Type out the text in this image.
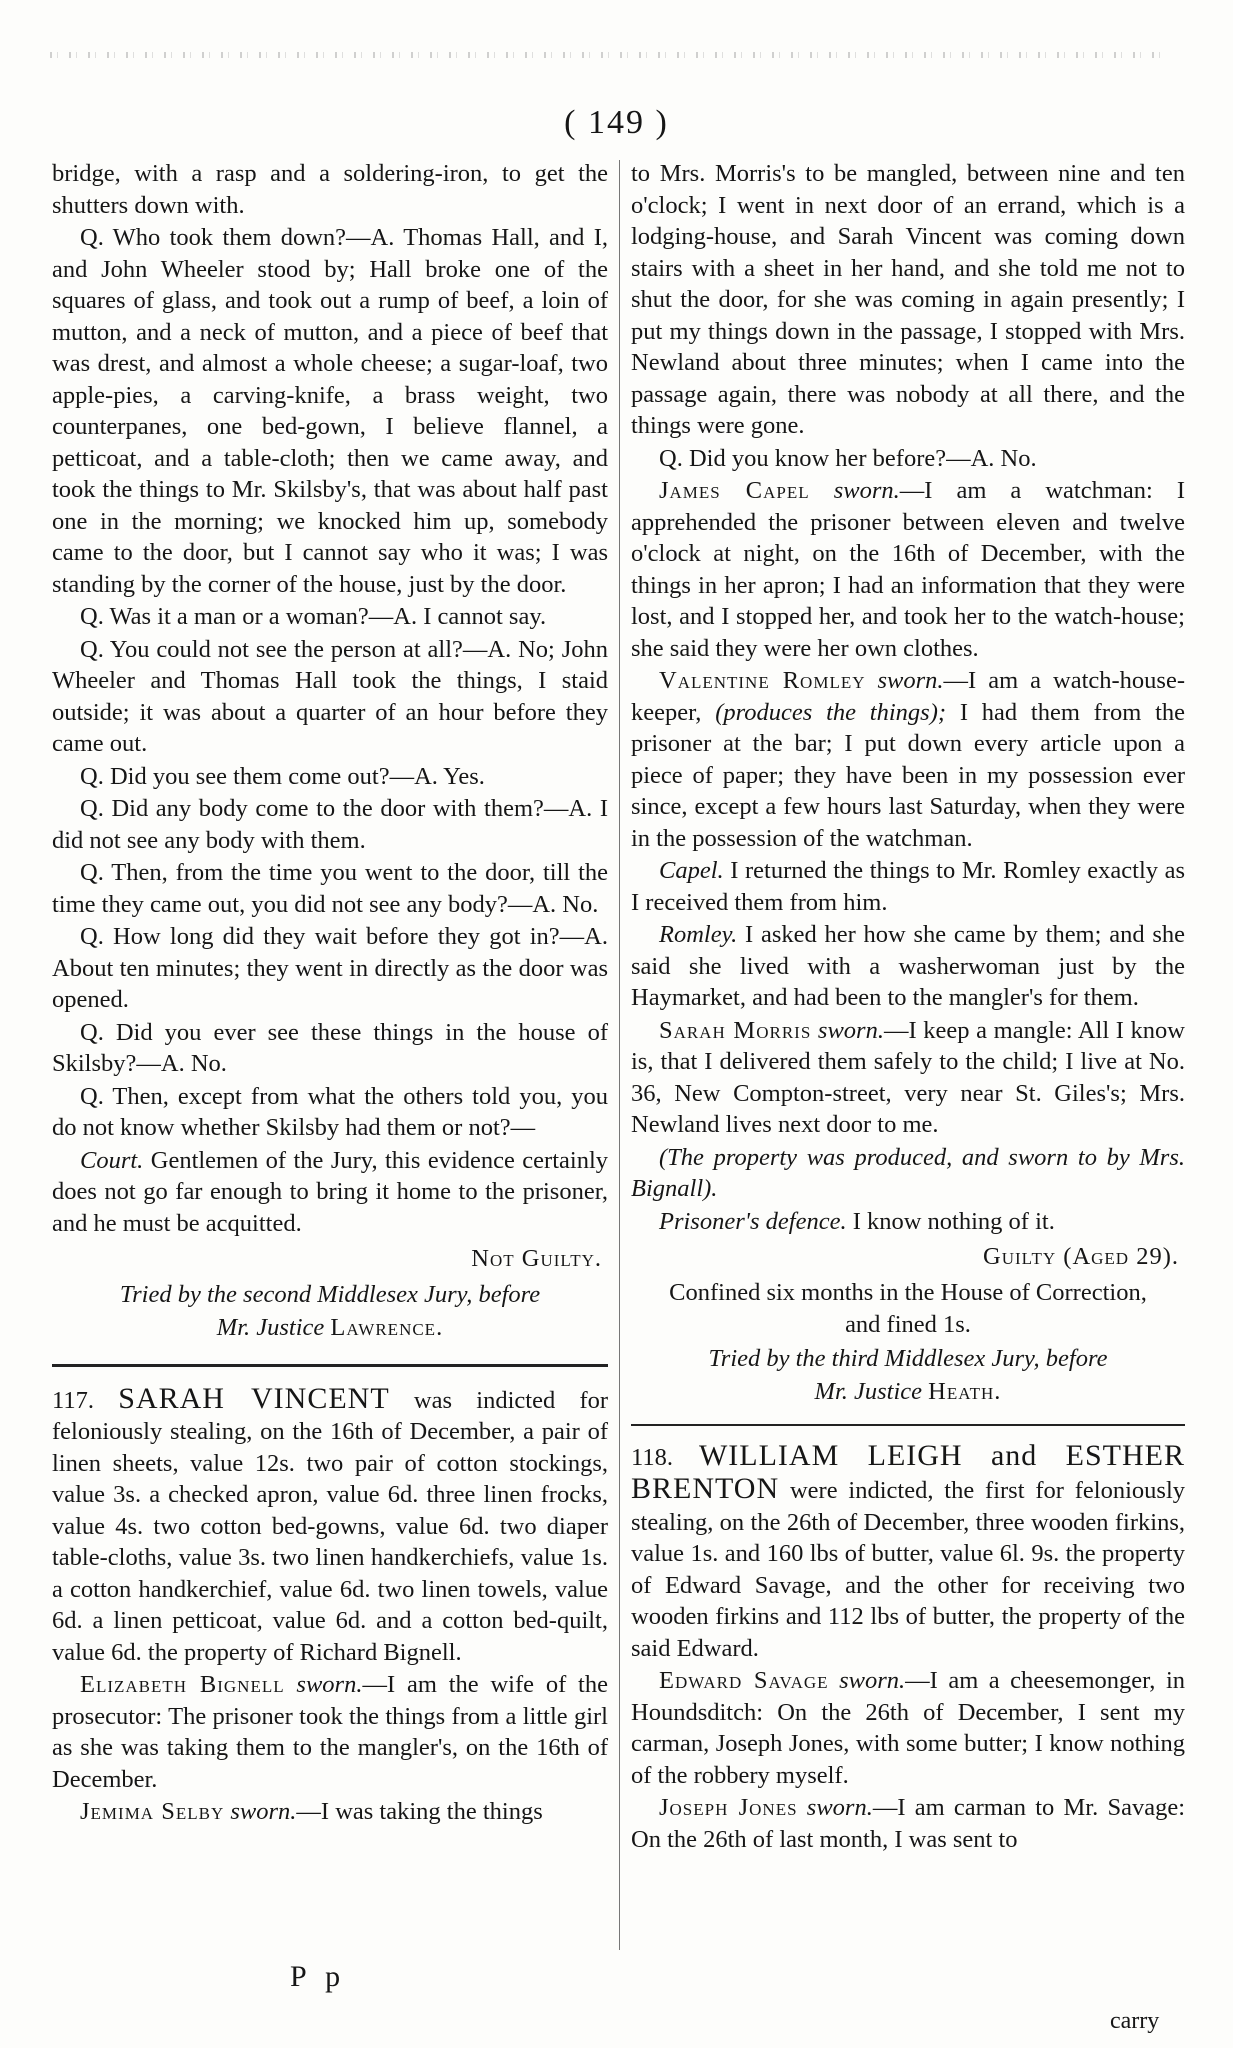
( 149 )

bridge, with a rasp and a soldering-iron, to get the shutters down with.

Q. Who took them down?—A. Thomas Hall, and I, and John Wheeler stood by; Hall broke one of the squares of glass, and took out a rump of beef, a loin of mutton, and a neck of mutton, and a piece of beef that was drest, and almost a whole cheese; a sugar-loaf, two apple-pies, a carving-knife, a brass weight, two counterpanes, one bed-gown, I believe flannel, a petticoat, and a table-cloth; then we came away, and took the things to Mr. Skilsby's, that was about half past one in the morning; we knocked him up, somebody came to the door, but I cannot say who it was; I was standing by the corner of the house, just by the door.

Q. Was it a man or a woman?—A. I cannot say.

Q. You could not see the person at all?—A. No; John Wheeler and Thomas Hall took the things, I staid outside; it was about a quarter of an hour before they came out.

Q. Did you see them come out?—A. Yes.

Q. Did any body come to the door with them?—A. I did not see any body with them.

Q. Then, from the time you went to the door, till the time they came out, you did not see any body?—A. No.

Q. How long did they wait before they got in?—A. About ten minutes; they went in directly as the door was opened.

Q. Did you ever see these things in the house of Skilsby?—A. No.

Q. Then, except from what the others told you, you do not know whether Skilsby had them or not?—

Court. Gentlemen of the Jury, this evidence certainly does not go far enough to bring it home to the prisoner, and he must be acquitted.

Not Guilty.

Tried by the second Middlesex Jury, before

Mr. Justice Lawrence.

117. SARAH VINCENT was indicted for feloniously stealing, on the 16th of December, a pair of linen sheets, value 12s. two pair of cotton stockings, value 3s. a checked apron, value 6d. three linen frocks, value 4s. two cotton bed-gowns, value 6d. two diaper table-cloths, value 3s. two linen handkerchiefs, value 1s. a cotton handkerchief, value 6d. two linen towels, value 6d. a linen petticoat, value 6d. and a cotton bed-quilt, value 6d. the property of Richard Bignell.

Elizabeth Bignell sworn.—I am the wife of the prosecutor: The prisoner took the things from a little girl as she was taking them to the mangler's, on the 16th of December.

Jemima Selby sworn.—I was taking the things

to Mrs. Morris's to be mangled, between nine and ten o'clock; I went in next door of an errand, which is a lodging-house, and Sarah Vincent was coming down stairs with a sheet in her hand, and she told me not to shut the door, for she was coming in again presently; I put my things down in the passage, I stopped with Mrs. Newland about three minutes; when I came into the passage again, there was nobody at all there, and the things were gone.

Q. Did you know her before?—A. No.

James Capel sworn.—I am a watchman: I apprehended the prisoner between eleven and twelve o'clock at night, on the 16th of December, with the things in her apron; I had an information that they were lost, and I stopped her, and took her to the watch-house; she said they were her own clothes.

Valentine Romley sworn.—I am a watch-house-keeper, (produces the things); I had them from the prisoner at the bar; I put down every article upon a piece of paper; they have been in my possession ever since, except a few hours last Saturday, when they were in the possession of the watchman.

Capel. I returned the things to Mr. Romley exactly as I received them from him.

Romley. I asked her how she came by them; and she said she lived with a washerwoman just by the Haymarket, and had been to the mangler's for them.

Sarah Morris sworn.—I keep a mangle: All I know is, that I delivered them safely to the child; I live at No. 36, New Compton-street, very near St. Giles's; Mrs. Newland lives next door to me.

(The property was produced, and sworn to by Mrs. Bignall).

Prisoner's defence. I know nothing of it.

Guilty (Aged 29).

Confined six months in the House of Correction,

and fined 1s.

Tried by the third Middlesex Jury, before

Mr. Justice Heath.

118. WILLIAM LEIGH and ESTHER BRENTON were indicted, the first for feloniously stealing, on the 26th of December, three wooden firkins, value 1s. and 160 lbs of butter, value 6l. 9s. the property of Edward Savage, and the other for receiving two wooden firkins and 112 lbs of butter, the property of the said Edward.

Edward Savage sworn.—I am a cheesemonger, in Houndsditch: On the 26th of December, I sent my carman, Joseph Jones, with some butter; I know nothing of the robbery myself.

Joseph Jones sworn.—I am carman to Mr. Savage: On the 26th of last month, I was sent to

P p
carry
